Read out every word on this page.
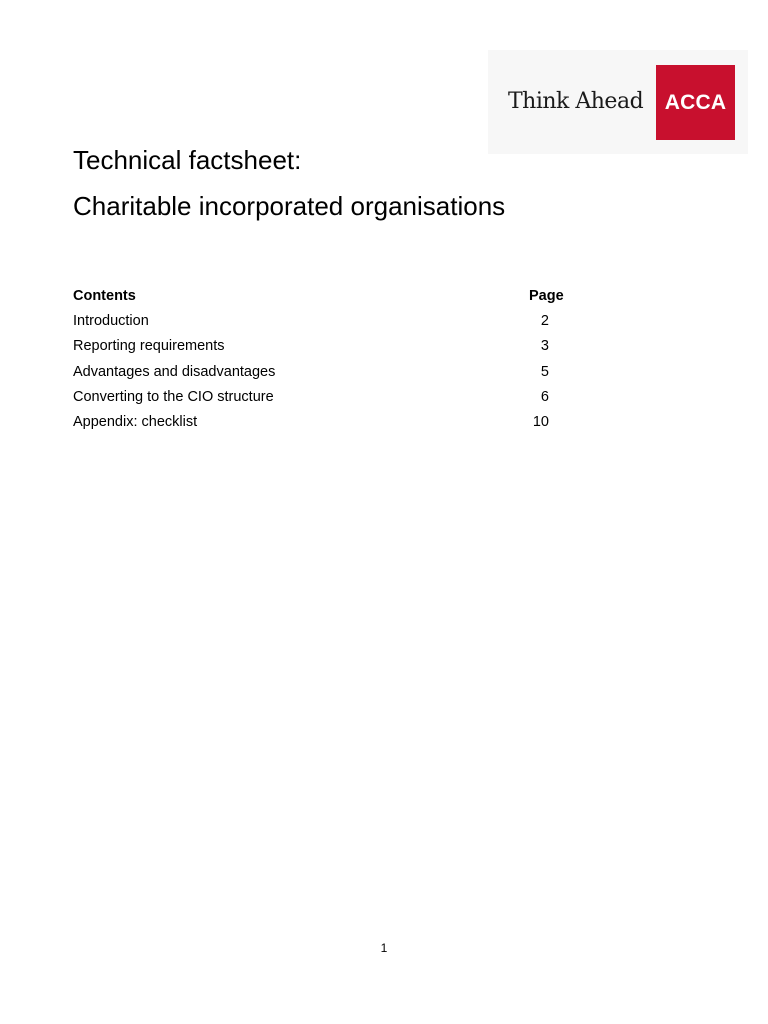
Think Ahead ACCA
Technical factsheet:
Charitable incorporated organisations
Contents	Page
Introduction	2
Reporting requirements	3
Advantages and disadvantages	5
Converting to the CIO structure	6
Appendix: checklist	10
1
